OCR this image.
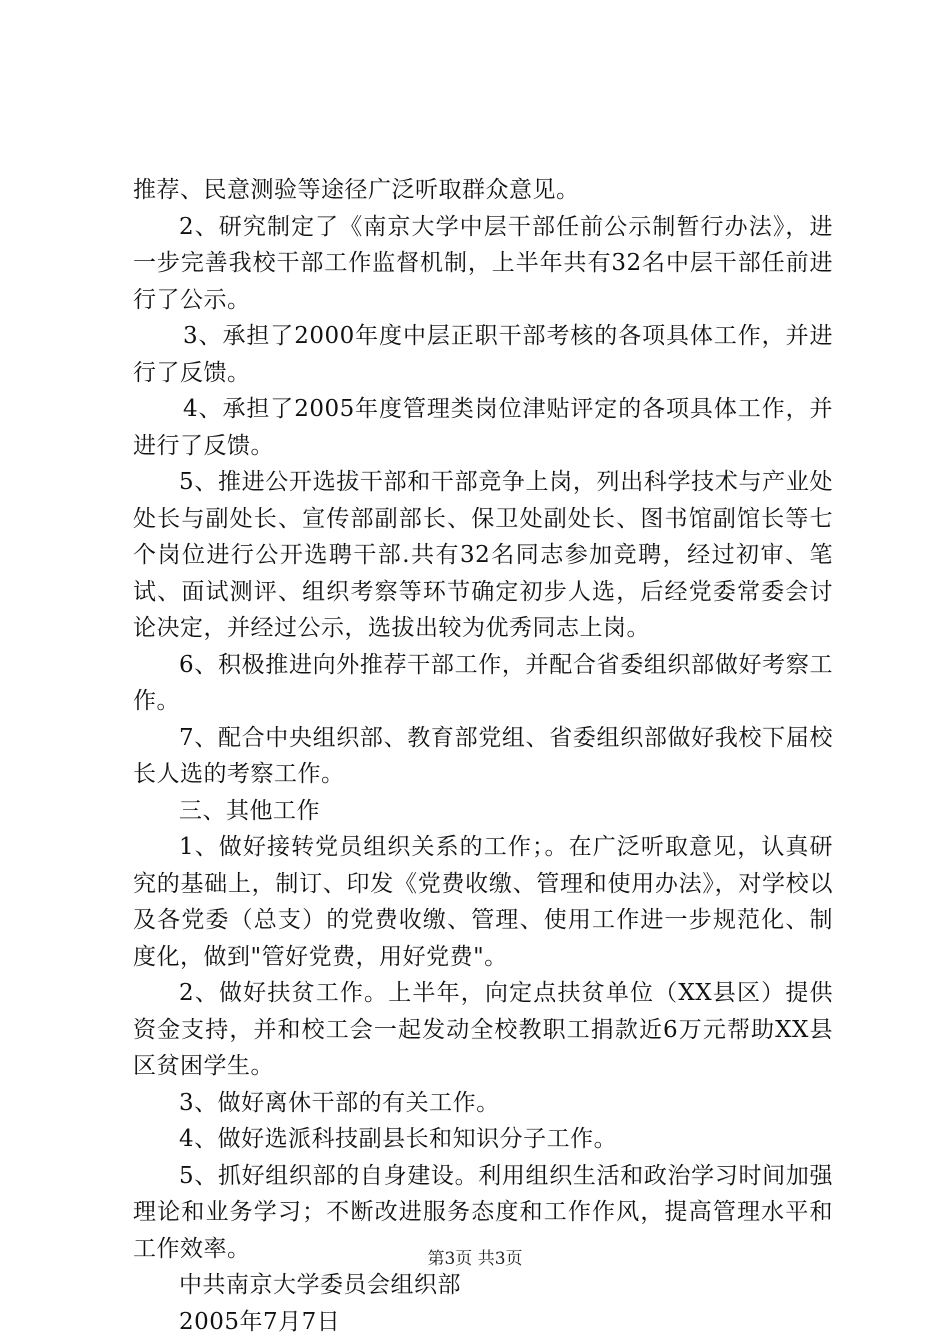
推荐、民意测验等途径广泛听取群众意见。

2、研究制定了《南京大学中层干部任前公示制暂行办法》，进一步完善我校干部工作监督机制，上半年共有32名中层干部任前进行了公示。

3、承担了2000年度中层正职干部考核的各项具体工作，并进行了反馈。

4、承担了2005年度管理类岗位津贴评定的各项具体工作，并进行了反馈。

5、推进公开选拔干部和干部竞争上岗，列出科学技术与产业处处长与副处长、宣传部副部长、保卫处副处长、图书馆副馆长等七个岗位进行公开选聘干部.共有32名同志参加竞聘，经过初审、笔试、面试测评、组织考察等环节确定初步人选，后经党委常委会讨论决定，并经过公示，选拔出较为优秀同志上岗。

6、积极推进向外推荐干部工作，并配合省委组织部做好考察工作。

7、配合中央组织部、教育部党组、省委组织部做好我校下届校长人选的考察工作。

三、其他工作

1、做好接转党员组织关系的工作；。在广泛听取意见，认真研究的基础上，制订、印发《党费收缴、管理和使用办法》，对学校以及各党委（总支）的党费收缴、管理、使用工作进一步规范化、制度化，做到"管好党费，用好党费"。

2、做好扶贫工作。上半年，向定点扶贫单位（XX县区）提供资金支持，并和校工会一起发动全校教职工捐款近6万元帮助XX县区贫困学生。

3、做好离休干部的有关工作。

4、做好选派科技副县长和知识分子工作。

5、抓好组织部的自身建设。利用组织生活和政治学习时间加强理论和业务学习；不断改进服务态度和工作作风，提高管理水平和工作效率。

中共南京大学委员会组织部

2005年7月7日

第3页 共3页
